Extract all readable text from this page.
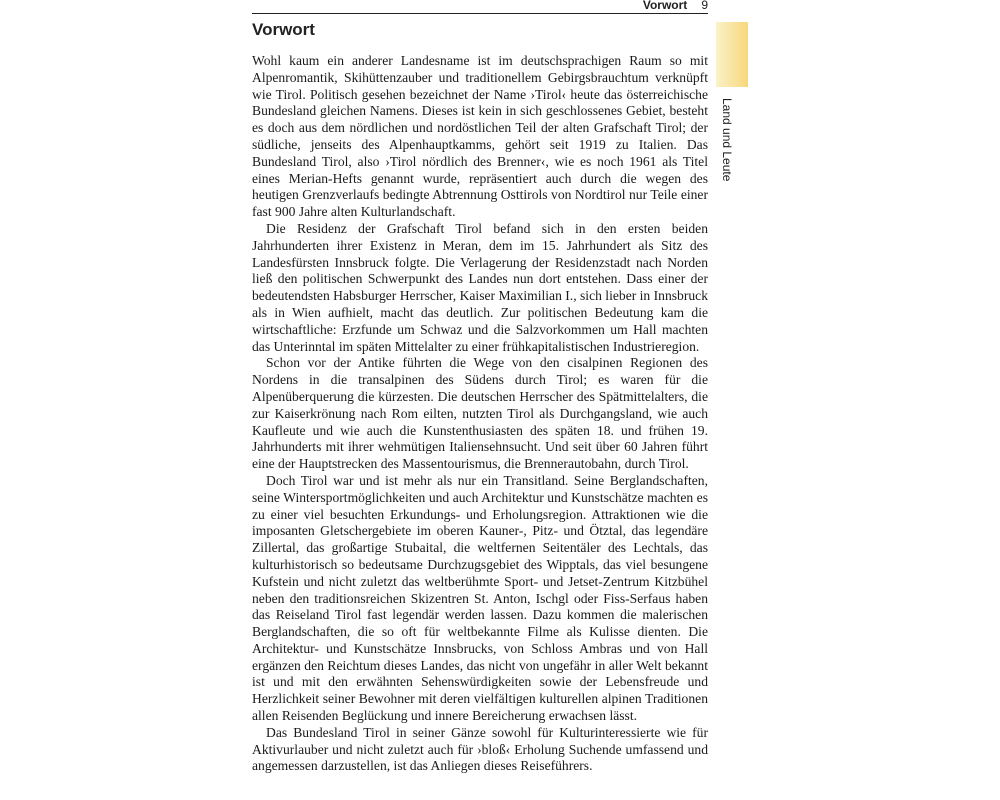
Vorwort 9
Vorwort

Wohl kaum ein anderer Landesname ist im deutschsprachigen Raum so mit Alpenromantik, Skihüttenzauber und traditionellem Gebirgsbrauchtum verknüpft wie Tirol. Politisch gesehen bezeichnet der Name ›Tirol‹ heute das österreichische Bundesland gleichen Namens. Dieses ist kein in sich geschlossenes Gebiet, besteht es doch aus dem nördlichen und nordöstlichen Teil der alten Grafschaft Tirol; der südliche, jenseits des Alpenhauptkamms, gehört seit 1919 zu Italien. Das Bundesland Tirol, also ›Tirol nördlich des Brenner‹, wie es noch 1961 als Titel eines Merian-Hefts genannt wurde, repräsentiert auch durch die wegen des heutigen Grenzverlaufs bedingte Abtrennung Osttirols von Nordtirol nur Teile einer fast 900 Jahre alten Kulturlandschaft.

Die Residenz der Grafschaft Tirol befand sich in den ersten beiden Jahrhunderten ihrer Existenz in Meran, dem im 15. Jahrhundert als Sitz des Landesfürsten Innsbruck folgte. Die Verlagerung der Residenzstadt nach Norden ließ den politischen Schwerpunkt des Landes nun dort entstehen. Dass einer der bedeutendsten Habsburger Herrscher, Kaiser Maximilian I., sich lieber in Innsbruck als in Wien aufhielt, macht das deutlich. Zur politischen Bedeutung kam die wirtschaftliche: Erzfunde um Schwaz und die Salzvorkommen um Hall machten das Unterinntal im späten Mittelalter zu einer frühkapitalistischen Industrieregion.

Schon vor der Antike führten die Wege von den cisalpinen Regionen des Nordens in die transalpinen des Südens durch Tirol; es waren für die Alpenüberquerung die kürzesten. Die deutschen Herrscher des Spätmittelalters, die zur Kaiserkrönung nach Rom eilten, nutzten Tirol als Durchgangsland, wie auch Kaufleute und wie auch die Kunstenthusiasten des späten 18. und frühen 19. Jahrhunderts mit ihrer wehmütigen Italiensehnsucht. Und seit über 60 Jahren führt eine der Hauptstrecken des Massentourismus, die Brennerautobahn, durch Tirol.

Doch Tirol war und ist mehr als nur ein Transitland. Seine Berglandschaften, seine Wintersportmöglichkeiten und auch Architektur und Kunstschätze machten es zu einer viel besuchten Erkundungs- und Erholungsregion. Attraktionen wie die imposanten Gletschergebiete im oberen Kauner-, Pitz- und Ötztal, das legendäre Zillertal, das großartige Stubaital, die weltfernen Seitentäler des Lechtals, das kulturhistorisch so bedeutsame Durchzugsgebiet des Wipptals, das viel besungene Kufstein und nicht zuletzt das weltberühmte Sport- und Jetset-Zentrum Kitzbühel neben den traditionsreichen Skizentren St. Anton, Ischgl oder Fiss-Serfaus haben das Reiseland Tirol fast legendär werden lassen. Dazu kommen die malerischen Berglandschaften, die so oft für weltbekannte Filme als Kulisse dienten. Die Architektur- und Kunstschätze Innsbrucks, von Schloss Ambras und von Hall ergänzen den Reichtum dieses Landes, das nicht von ungefähr in aller Welt bekannt ist und mit den erwähnten Sehenswürdigkeiten sowie der Lebensfreude und Herzlichkeit seiner Bewohner mit deren vielfältigen kulturellen alpinen Traditionen allen Reisenden Beglückung und innere Bereicherung erwachsen lässt.

Das Bundesland Tirol in seiner Gänze sowohl für Kulturinteressierte wie für Aktivurlauber und nicht zuletzt auch für ›bloß‹ Erholung Suchende umfassend und angemessen darzustellen, ist das Anliegen dieses Reiseführers.

Land und Leute
